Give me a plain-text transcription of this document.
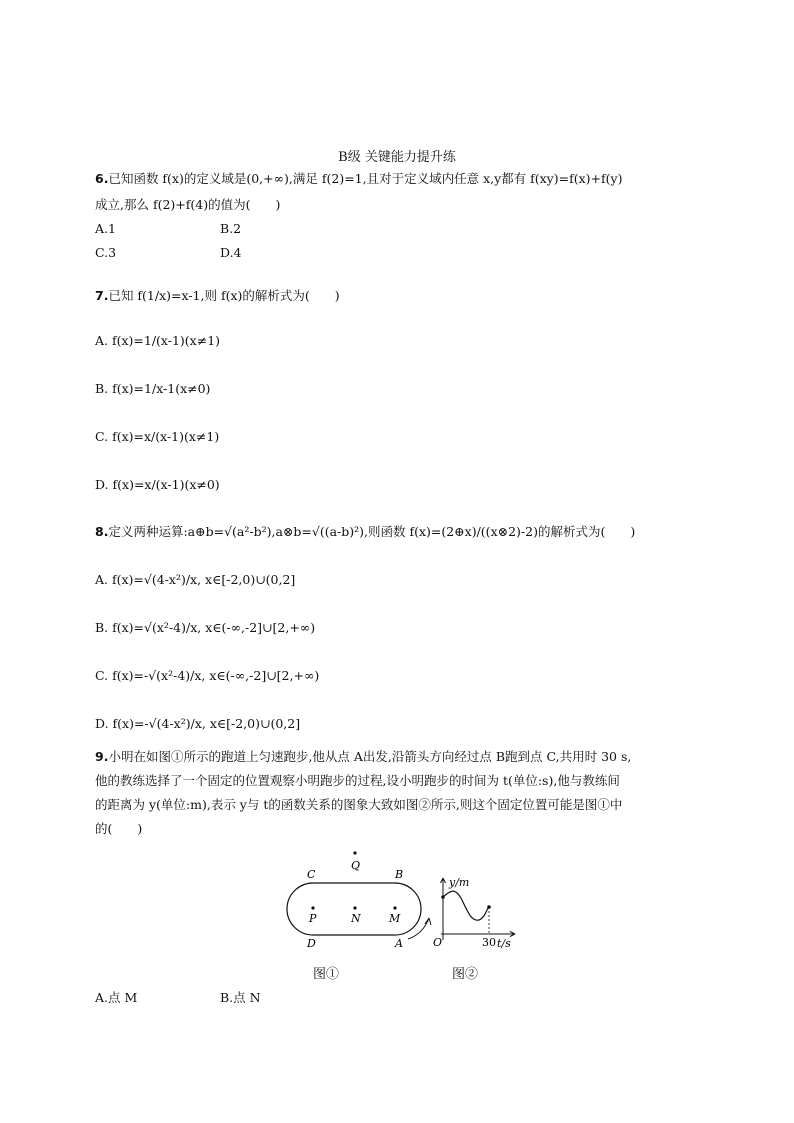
B级 关键能力提升练
6.已知函数 f(x)的定义域是(0,+∞),满足 f(2)=1,且对于定义域内任意 x,y都有 f(xy)=f(x)+f(y)
成立,那么 f(2)+f(4)的值为(　　)
A.1	B.2
C.3	D.4
7.已知 f(1/x)=x-1,则 f(x)的解析式为(　　)
A. f(x)=1/(x-1)(x≠1)
B. f(x)=1/x-1(x≠0)
C. f(x)=x/(x-1)(x≠1)
D. f(x)=x/(x-1)(x≠0)
8.定义两种运算:a⊕b=√(a²-b²),a⊗b=√((a-b)²),则函数 f(x)=(2⊕x)/((x⊗2)-2)的解析式为(　　)
A. f(x)=√(4-x²)/x, x∈[-2,0)∪(0,2]
B. f(x)=√(x²-4)/x, x∈(-∞,-2]∪[2,+∞)
C. f(x)=-√(x²-4)/x, x∈(-∞,-2]∪[2,+∞)
D. f(x)=-√(4-x²)/x, x∈[-2,0)∪(0,2]
9.小明在如图①所示的跑道上匀速跑步,他从点 A出发,沿箭头方向经过点 B跑到点 C,共用时 30 s,
他的教练选择了一个固定的位置观察小明跑步的过程,设小明跑步的时间为 t(单位:s),他与教练间
的距离为 y(单位:m),表示 y与 t的函数关系的图象大致如图②所示,则这个固定位置可能是图①中
的(　　)
C
Q
B
P	N	M
D	A
y/m
O	30 t/s
图①	图②
A.点 M	B.点 N
